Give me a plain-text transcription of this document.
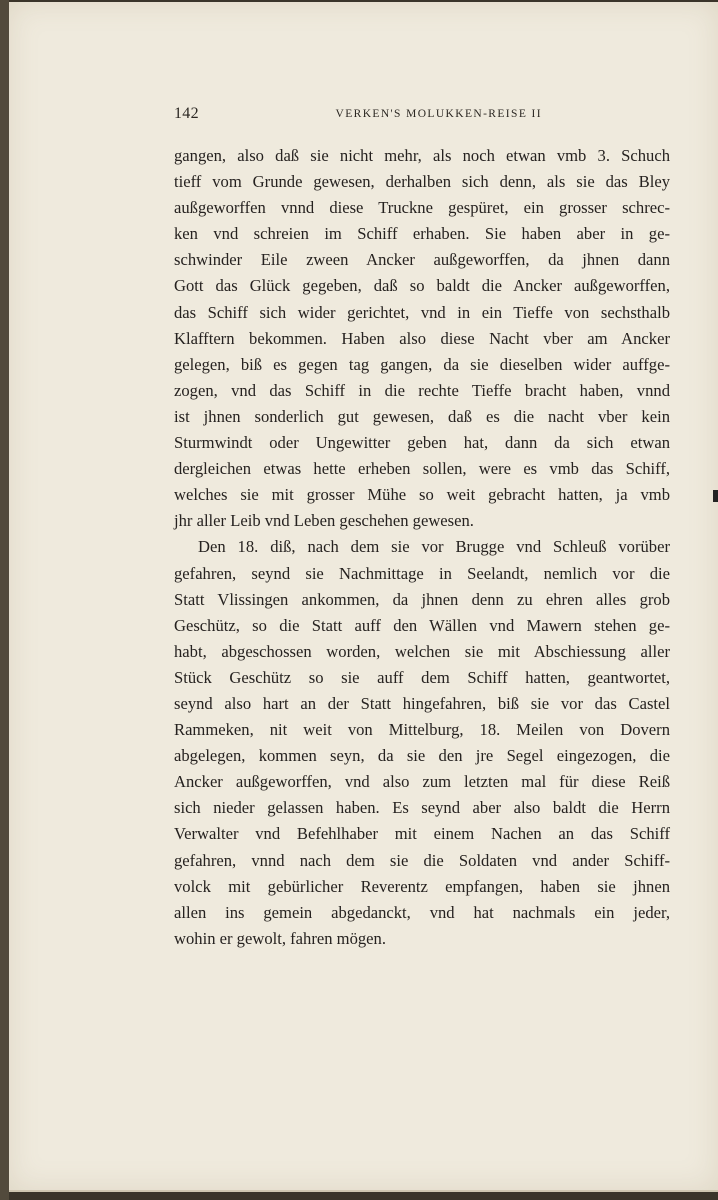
142	VERKEN'S MOLUKKEN-REISE II
gangen, also daß sie nicht mehr, als noch etwan vmb 3. Schuch
tieff vom Grunde gewesen, derhalben sich denn, als sie das Bley
außgeworffen vnnd diese Truckne gespüret, ein grosser schrec-
ken vnd schreien im Schiff erhaben. Sie haben aber in ge-
schwinder Eile zween Ancker außgeworffen, da jhnen dann
Gott das Glück gegeben, daß so baldt die Ancker außgeworffen,
das Schiff sich wider gerichtet, vnd in ein Tieffe von sechsthalb
Klafftern bekommen. Haben also diese Nacht vber am Ancker
gelegen, biß es gegen tag gangen, da sie dieselben wider auffge-
zogen, vnd das Schiff in die rechte Tieffe bracht haben, vnnd
ist jhnen sonderlich gut gewesen, daß es die nacht vber kein
Sturmwindt oder Ungewitter geben hat, dann da sich etwan
dergleichen etwas hette erheben sollen, were es vmb das Schiff,
welches sie mit grosser Mühe so weit gebracht hatten, ja vmb
jhr aller Leib vnd Leben geschehen gewesen.
Den 18. diß, nach dem sie vor Brugge vnd Schleuß vorüber
gefahren, seynd sie Nachmittage in Seelandt, nemlich vor die
Statt Vlissingen ankommen, da jhnen denn zu ehren alles grob
Geschütz, so die Statt auff den Wällen vnd Mawern stehen ge-
habt, abgeschossen worden, welchen sie mit Abschiessung aller
Stück Geschütz so sie auff dem Schiff hatten, geantwortet,
seynd also hart an der Statt hingefahren, biß sie vor das Castel
Rammeken, nit weit von Mittelburg, 18. Meilen von Dovern
abgelegen, kommen seyn, da sie den jre Segel eingezogen, die
Ancker außgeworffen, vnd also zum letzten mal für diese Reiß
sich nieder gelassen haben. Es seynd aber also baldt die Herrn
Verwalter vnd Befehlhaber mit einem Nachen an das Schiff
gefahren, vnnd nach dem sie die Soldaten vnd ander Schiff-
volck mit gebürlicher Reverentz empfangen, haben sie jhnen
allen ins gemein abgedanckt, vnd hat nachmals ein jeder,
wohin er gewolt, fahren mögen.
